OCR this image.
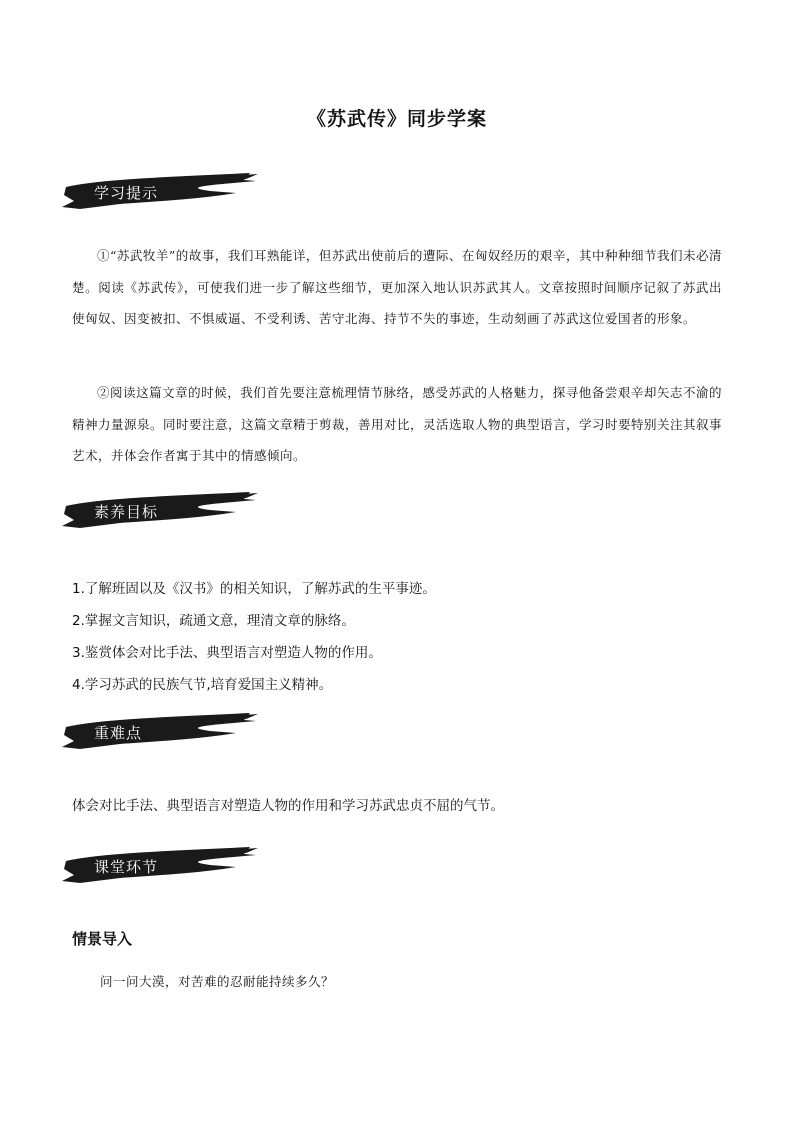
《苏武传》同步学案
学习提示
①“苏武牧羊”的故事，我们耳熟能详，但苏武出使前后的遭际、在匈奴经历的艰辛，其中种种细节我们未必清楚。阅读《苏武传》，可使我们进一步了解这些细节，更加深入地认识苏武其人。文章按照时间顺序记叙了苏武出使匈奴、因变被扣、不惧威逼、不受利诱、苦守北海、持节不失的事迹，生动刻画了苏武这位爱国者的形象。
②阅读这篇文章的时候，我们首先要注意梳理情节脉络，感受苏武的人格魅力，探寻他备尝艰辛却矢志不渝的精神力量源泉。同时要注意，这篇文章精于剪裁，善用对比，灵活选取人物的典型语言，学习时要特别关注其叙事艺术，并体会作者寓于其中的情感倾向。
素养目标
1.了解班固以及《汉书》的相关知识，了解苏武的生平事迹。
2.掌握文言知识，疏通文意，理清文章的脉络。
3.鉴赏体会对比手法、典型语言对塑造人物的作用。
4.学习苏武的民族气节,培育爱国主义精神。
重难点
体会对比手法、典型语言对塑造人物的作用和学习苏武忠贞不屈的气节。
课堂环节
情景导入
问一问大漠，对苦难的忍耐能持续多久？
